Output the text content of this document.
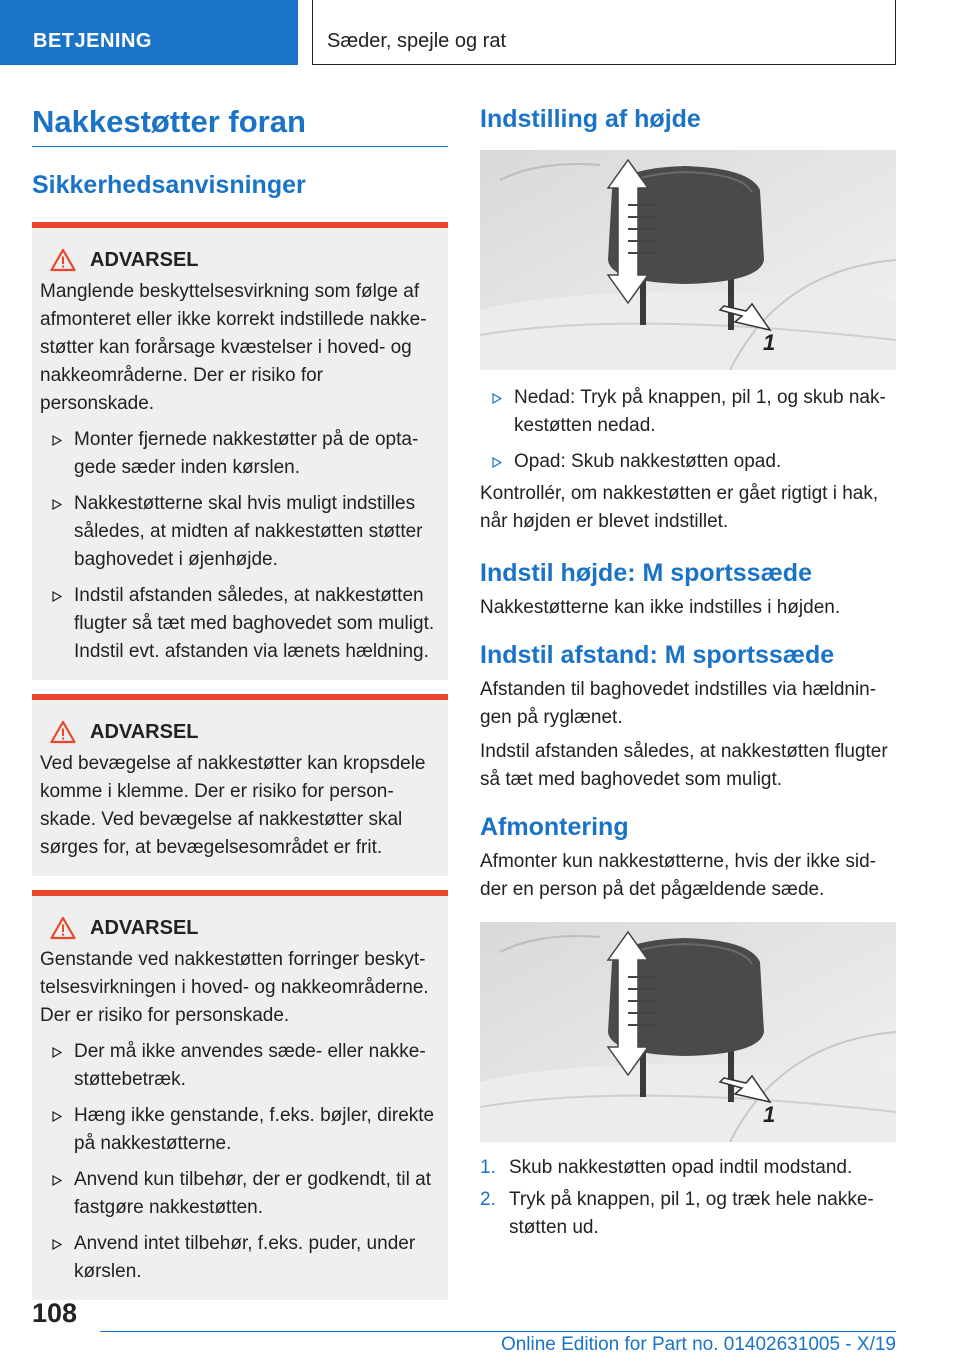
BETJENING	Sæder, spejle og rat
Nakkestøtter foran
Sikkerhedsanvisninger
ADVARSEL

Manglende beskyttelsesvirkning som følge af afmonteret eller ikke korrekt indstillede nakkestøtter kan forårsage kvæstelser i hoved- og nakkeområderne. Der er risiko for personskade.

Monter fjernede nakkestøtter på de optagede sæder inden kørslen.
Nakkestøtterne skal hvis muligt indstilles således, at midten af nakkestøtten støtter baghovedet i øjenhøjde.
Indstil afstanden således, at nakkestøtten flugter så tæt med baghovedet som muligt. Indstil evt. afstanden via lænets hældning.
ADVARSEL

Ved bevægelse af nakkestøtter kan kropsdele komme i klemme. Der er risiko for personskade. Ved bevægelse af nakkestøtter skal sørges for, at bevægelsesområdet er frit.

ADVARSEL

Genstande ved nakkestøtten forringer beskyttelsesvirkningen i hoved- og nakkeområderne. Der er risiko for personskade.

Der må ikke anvendes sæde- eller nakkestøttebetræk.
Hæng ikke genstande, f.eks. bøjler, direkte på nakkestøtterne.
Anvend kun tilbehør, der er godkendt, til at fastgøre nakkestøtten.
Anvend intet tilbehør, f.eks. puder, under kørslen.
Indstilling af højde
1
Nedad: Tryk på knappen, pil 1, og skub nakkestøtten nedad.
Opad: Skub nakkestøtten opad.

Kontrollér, om nakkestøtten er gået rigtigt i hak, når højden er blevet indstillet.

Indstil højde: M sportssæde

Nakkestøtterne kan ikke indstilles i højden.

Indstil afstand: M sportssæde

Afstanden til baghovedet indstilles via hældningen på ryglænet.

Indstil afstanden således, at nakkestøtten flugter så tæt med baghovedet som muligt.

Afmontering

Afmonter kun nakkestøtterne, hvis der ikke sidder en person på det pågældende sæde.

1
1. Skub nakkestøtten opad indtil modstand.
2. Tryk på knappen, pil 1, og træk hele nakkestøtten ud.
108
Online Edition for Part no. 01402631005 - X/19
